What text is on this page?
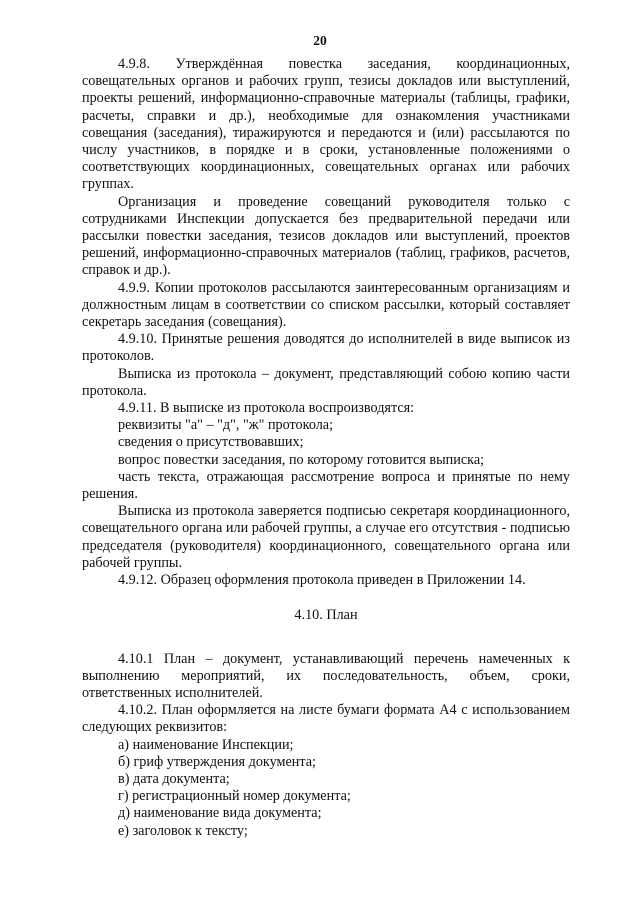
20

4.9.8. Утверждённая повестка заседания, координационных, совещательных органов и рабочих групп, тезисы докладов или выступлений, проекты решений, информационно-справочные материалы (таблицы, графики, расчеты, справки и др.), необходимые для ознакомления участниками совещания (заседания), тиражируются и передаются и (или) рассылаются по числу участников, в порядке и в сроки, установленные положениями о соответствующих координационных, совещательных органах или рабочих группах.

Организация и проведение совещаний руководителя только с сотрудниками Инспекции допускается без предварительной передачи или рассылки повестки заседания, тезисов докладов или выступлений, проектов решений, информационно-справочных материалов (таблиц, графиков, расчетов, справок и др.).

4.9.9. Копии протоколов рассылаются заинтересованным организациям и должностным лицам в соответствии со списком рассылки, который составляет секретарь заседания (совещания).

4.9.10. Принятые решения доводятся до исполнителей в виде выписок из протоколов.

Выписка из протокола – документ, представляющий собою копию части протокола.

4.9.11. В выписке из протокола воспроизводятся:

реквизиты "а" – "д", "ж" протокола;

сведения о присутствовавших;

вопрос повестки заседания, по которому готовится выписка;

часть текста, отражающая рассмотрение вопроса и принятые по нему решения.

Выписка из протокола заверяется подписью секретаря координационного, совещательного органа или рабочей группы, а случае его отсутствия - подписью председателя (руководителя) координационного, совещательного органа или рабочей группы.

4.9.12. Образец оформления протокола приведен в Приложении 14.

4.10. План

4.10.1 План – документ, устанавливающий перечень намеченных к выполнению мероприятий, их последовательность, объем, сроки, ответственных исполнителей.

4.10.2. План оформляется на листе бумаги формата А4 с использованием следующих реквизитов:

а) наименование Инспекции;

б) гриф утверждения документа;

в) дата документа;

г) регистрационный номер документа;

д) наименование вида документа;

е) заголовок к тексту;
